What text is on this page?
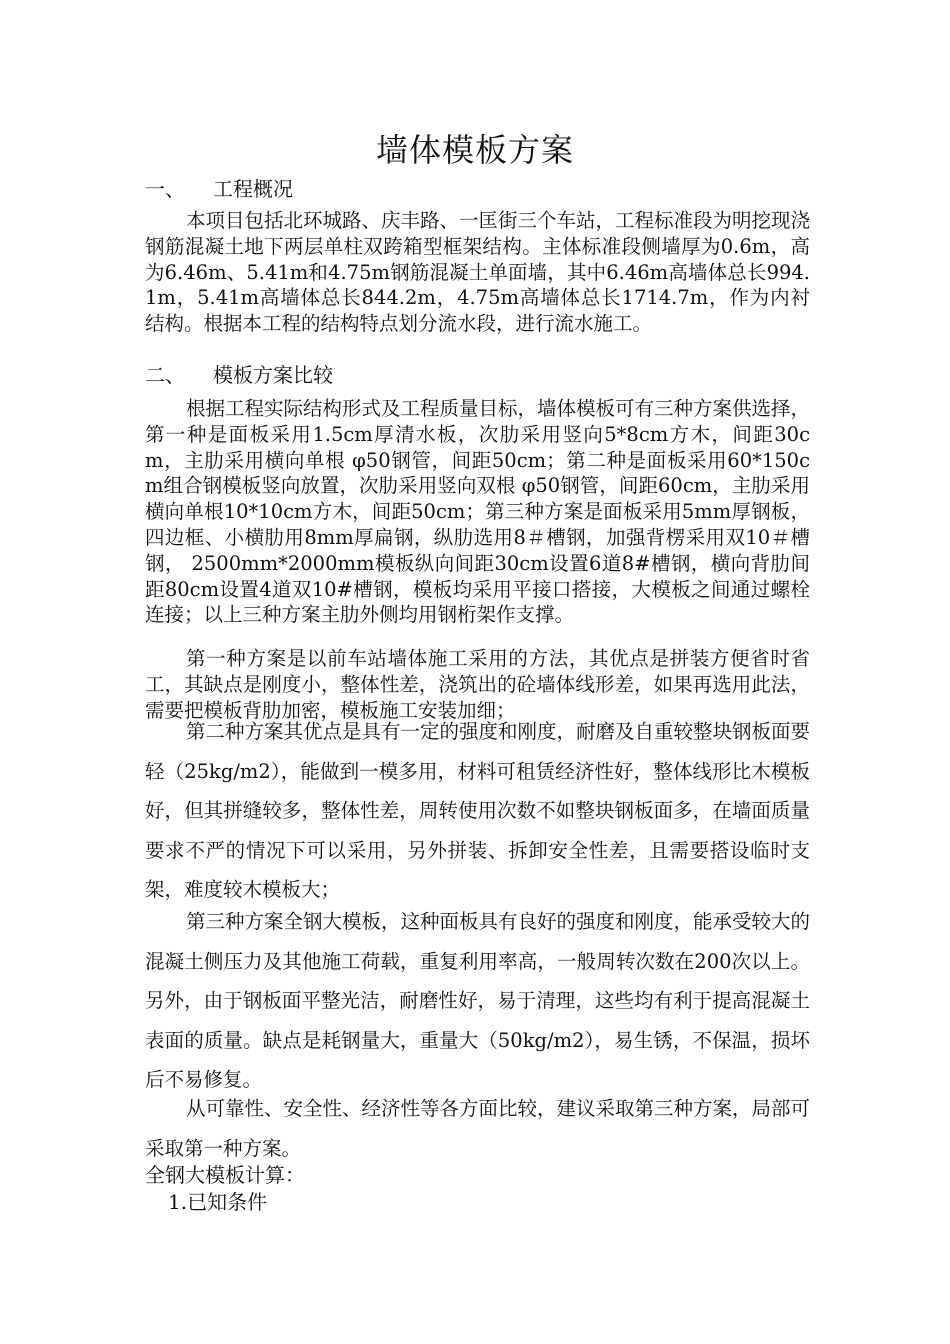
墙体模板方案
一、 工程概况

本项目包括北环城路、庆丰路、一匡街三个车站，工程标准段为明挖现浇钢筋混凝土地下两层单柱双跨箱型框架结构。主体标准段侧墙厚为0.6m，高为6.46m、5.41m和4.75m钢筋混凝土单面墙，其中6.46m高墙体总长994.1m，5.41m高墙体总长844.2m，4.75m高墙体总长1714.7m，作为内衬结构。根据本工程的结构特点划分流水段，进行流水施工。

二、 模板方案比较

根据工程实际结构形式及工程质量目标，墙体模板可有三种方案供选择，第一种是面板采用1.5cm厚清水板，次肋采用竖向5*8cm方木，间距30cm，主肋采用横向单根 φ50钢管，间距50cm；第二种是面板采用60*150cm组合钢模板竖向放置，次肋采用竖向双根 φ50钢管，间距60cm，主肋采用横向单根10*10cm方木，间距50cm；第三种方案是面板采用5mm厚钢板，四边框、小横肋用8mm厚扁钢，纵肋选用8＃槽钢，加强背楞采用双10＃槽钢， 2500mm*2000mm模板纵向间距30cm设置6道8#槽钢，横向背肋间距80cm设置4道双10#槽钢，模板均采用平接口搭接，大模板之间通过螺栓连接；以上三种方案主肋外侧均用钢桁架作支撑。

第一种方案是以前车站墙体施工采用的方法，其优点是拼装方便省时省工，其缺点是刚度小，整体性差，浇筑出的砼墙体线形差，如果再选用此法，需要把模板背肋加密，模板施工安装加细；

第二种方案其优点是具有一定的强度和刚度，耐磨及自重较整块钢板面要轻（25kg/m2），能做到一模多用，材料可租赁经济性好，整体线形比木模板好，但其拼缝较多，整体性差，周转使用次数不如整块钢板面多，在墙面质量要求不严的情况下可以采用，另外拼装、拆卸安全性差，且需要搭设临时支架，难度较木模板大；

第三种方案全钢大模板，这种面板具有良好的强度和刚度，能承受较大的混凝土侧压力及其他施工荷载，重复利用率高，一般周转次数在200次以上。另外，由于钢板面平整光洁，耐磨性好，易于清理，这些均有利于提高混凝土表面的质量。缺点是耗钢量大，重量大（50kg/m2），易生锈，不保温，损坏后不易修复。

从可靠性、安全性、经济性等各方面比较，建议采取第三种方案，局部可采取第一种方案。

全钢大模板计算：
1.已知条件
